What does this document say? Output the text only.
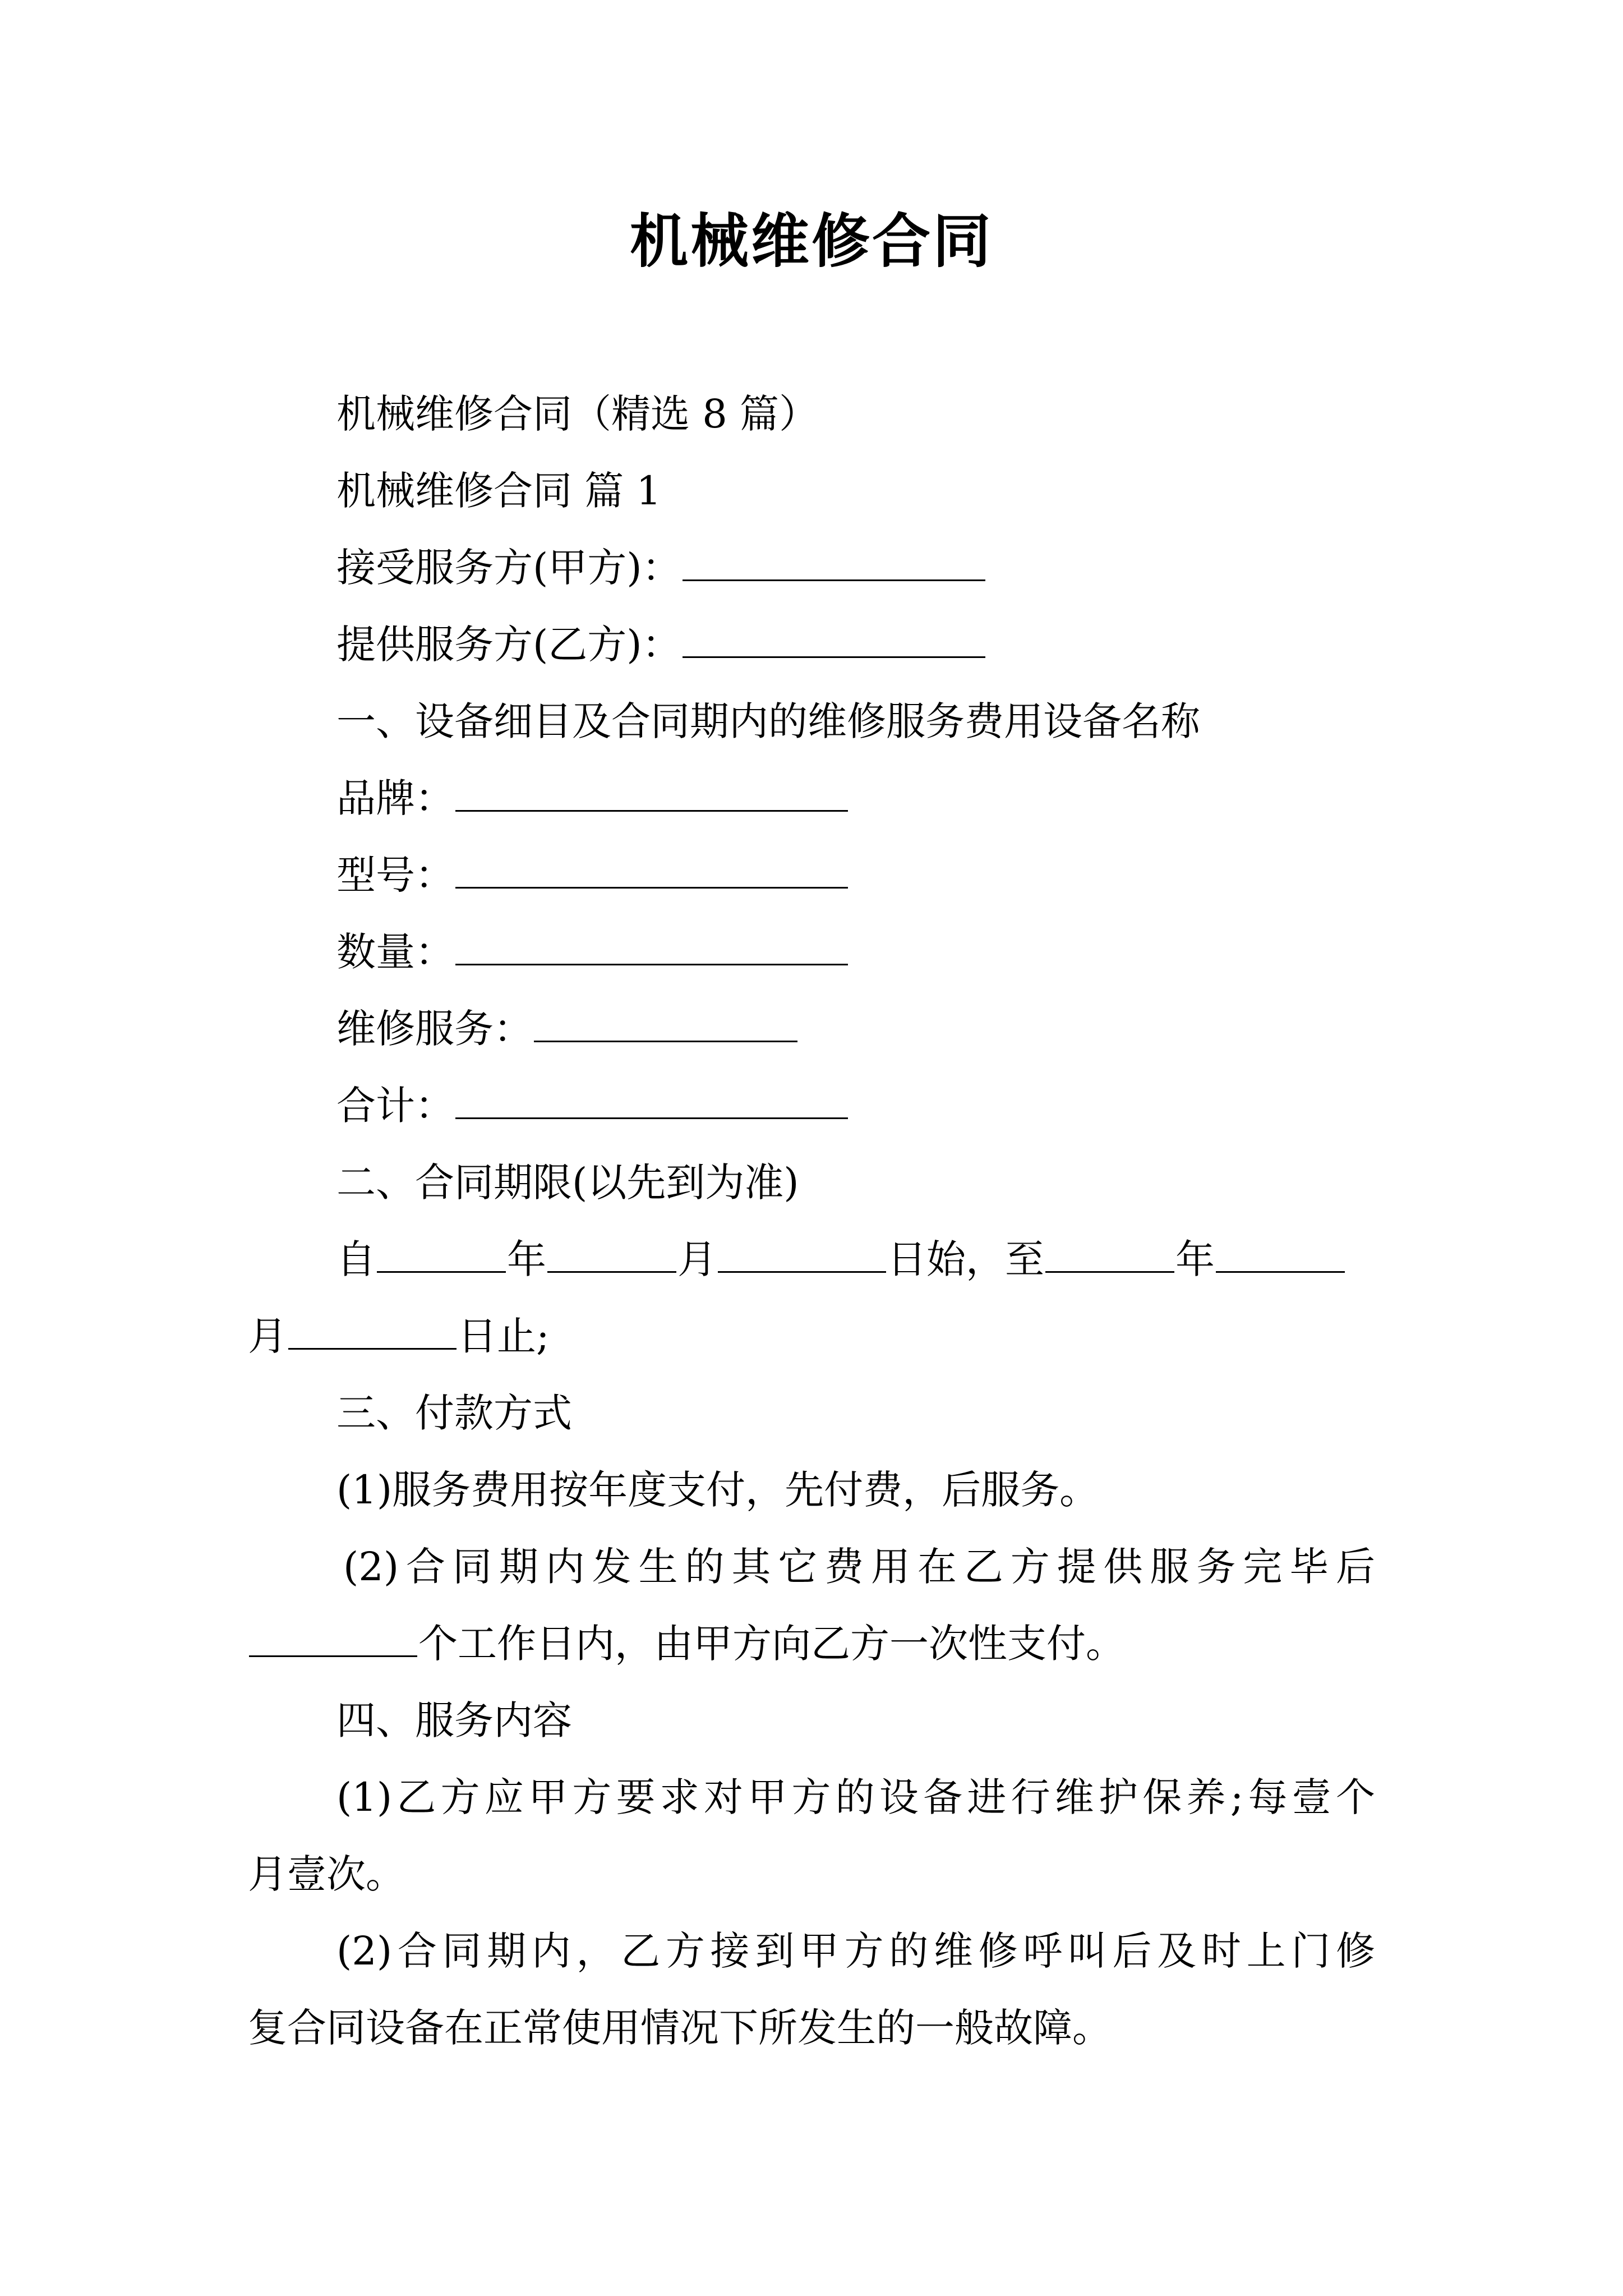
机械维修合同
机械维修合同（精选 8 篇）
机械维修合同 篇 1
接受服务方(甲方)：
提供服务方(乙方)：
一、设备细目及合同期内的维修服务费用设备名称
品牌：
型号：
数量：
维修服务：
合计：
二、合同期限(以先到为准)
自	年	月	日始，至	年
月	日止;
三、付款方式
(1)服务费用按年度支付，先付费，后服务。
(2)合同期内发生的其它费用在乙方提供服务完毕后
个工作日内，由甲方向乙方一次性支付。
四、服务内容
(1)乙方应甲方要求对甲方的设备进行维护保养;每壹个
月壹次。
(2)合同期内，乙方接到甲方的维修呼叫后及时上门修
复合同设备在正常使用情况下所发生的一般故障。
